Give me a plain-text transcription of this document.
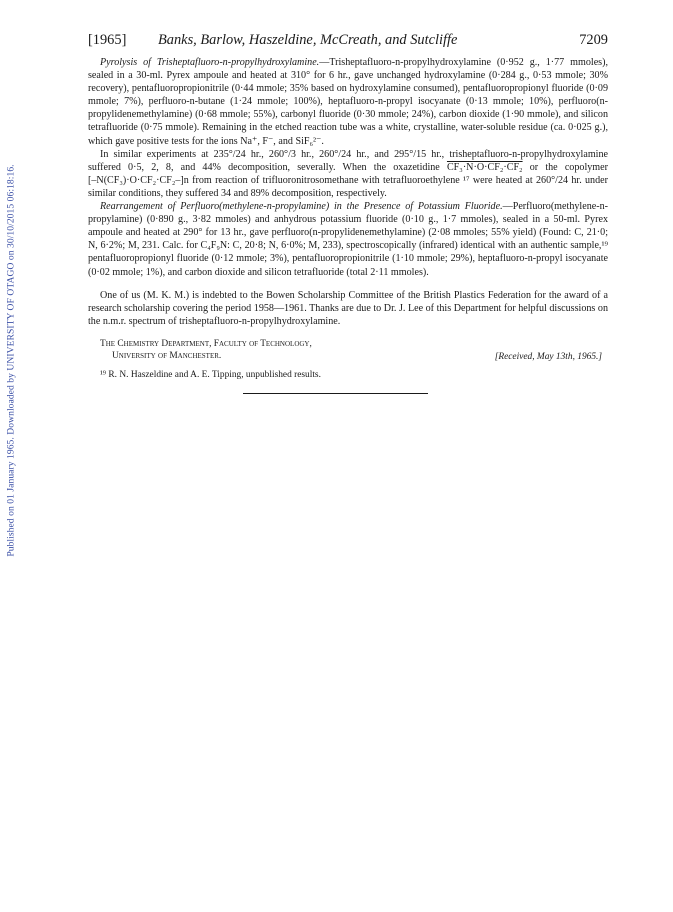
Published on 01 January 1965. Downloaded by UNIVERSITY OF OTAGO on 30/10/2015 06:18:16.
[1965] Banks, Barlow, Haszeldine, McCreath, and Sutcliffe	7209

Pyrolysis of Trisheptafluoro-n-propylhydroxylamine.—Trisheptafluoro-n-propylhydroxylamine (0·952 g., 1·77 mmoles), sealed in a 30-ml. Pyrex ampoule and heated at 310° for 6 hr., gave unchanged hydroxylamine (0·284 g., 0·53 mmole; 30% recovery), pentafluoropropionitrile (0·44 mmole; 35% based on hydroxylamine consumed), pentafluoropropionyl fluoride (0·09 mmole; 7%), perfluoro-n-butane (1·24 mmole; 100%), heptafluoro-n-propyl isocyanate (0·13 mmole; 10%), perfluoro(n-propylidenemethylamine) (0·68 mmole; 55%), carbonyl fluoride (0·30 mmole; 24%), carbon dioxide (1·90 mmole), and silicon tetrafluoride (0·75 mmole). Remaining in the etched reaction tube was a white, crystalline, water-soluble residue (ca. 0·025 g.), which gave positive tests for the ions Na⁺, F⁻, and SiF₆²⁻.

In similar experiments at 235°/24 hr., 260°/3 hr., 260°/24 hr., and 295°/15 hr., trisheptafluoro-n-propylhydroxylamine suffered 0·5, 2, 8, and 44% decomposition, severally. When the oxazetidine CF₃·N·O·CF₂·CF₂ or the copolymer [–N(CF₃)·O·CF₂·CF₂–]n from reaction of trifluoronitrosomethane with tetrafluoroethylene ¹⁷ were heated at 260°/24 hr. under similar conditions, they suffered 34 and 89% decomposition, respectively.

Rearrangement of Perfluoro(methylene-n-propylamine) in the Presence of Potassium Fluoride.—Perfluoro(methylene-n-propylamine) (0·890 g., 3·82 mmoles) and anhydrous potassium fluoride (0·10 g., 1·7 mmoles), sealed in a 50-ml. Pyrex ampoule and heated at 290° for 13 hr., gave perfluoro(n-propylidenemethylamine) (2·08 mmoles; 55% yield) (Found: C, 21·0; N, 6·2%; M, 231. Calc. for C₄F₉N: C, 20·8; N, 6·0%; M, 233), spectroscopically (infrared) identical with an authentic sample,¹⁹ pentafluoropropionyl fluoride (0·12 mmole; 3%), pentafluoropropionitrile (1·10 mmole; 29%), heptafluoro-n-propyl isocyanate (0·02 mmole; 1%), and carbon dioxide and silicon tetrafluoride (total 2·11 mmoles).

One of us (M. K. M.) is indebted to the Bowen Scholarship Committee of the British Plastics Federation for the award of a research scholarship covering the period 1958—1961. Thanks are due to Dr. J. Lee of this Department for helpful discussions on the n.m.r. spectrum of trisheptafluoro-n-propylhydroxylamine.

The Chemistry Department, Faculty of Technology,
University of Manchester.	[Received, May 13th, 1965.]
¹⁹ R. N. Haszeldine and A. E. Tipping, unpublished results.
